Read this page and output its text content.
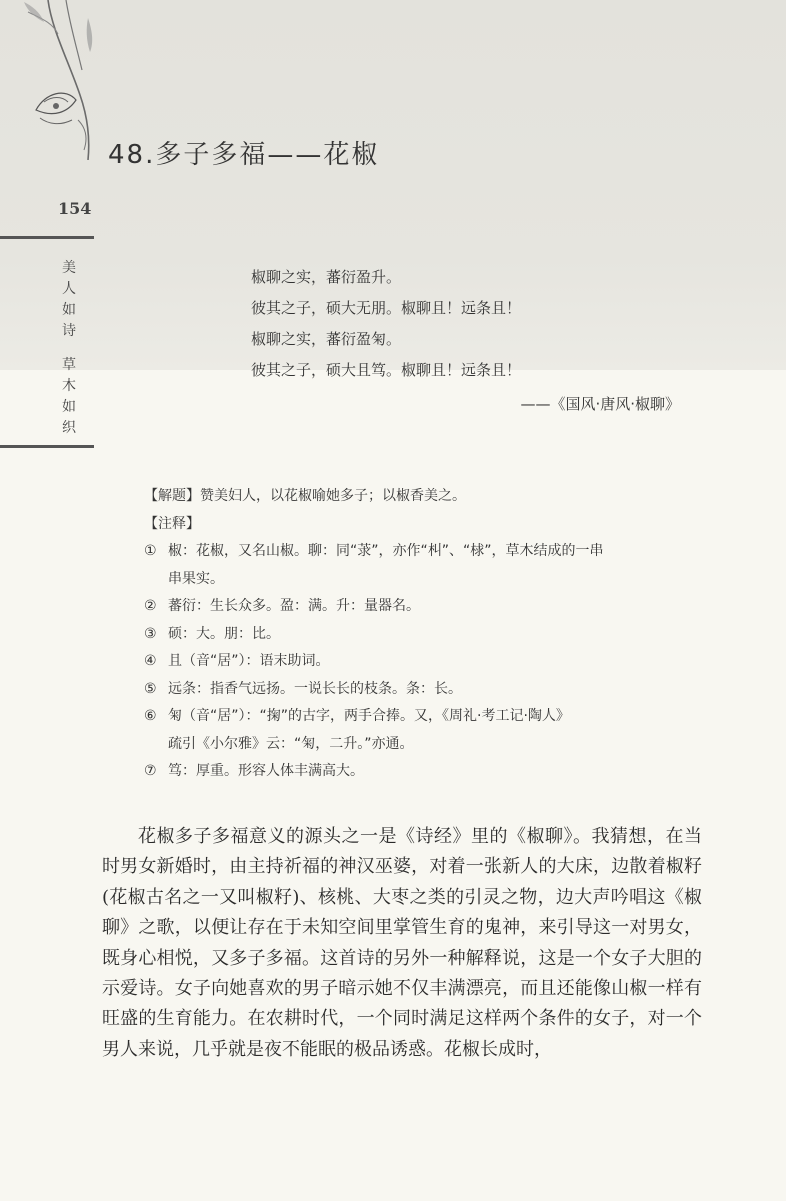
48.多子多福——花椒
154
美
人
如
诗
草
木
如
织
椒聊之实，蕃衍盈升。
彼其之子，硕大无朋。椒聊且！远条且！
椒聊之实，蕃衍盈匊。
彼其之子，硕大且笃。椒聊且！远条且！
——《国风·唐风·椒聊》
【解题】赞美妇人，以花椒喻她多子；以椒香美之。
【注释】
① 椒：花椒，又名山椒。聊：同“莍”，亦作“朻”、“梂”，草木结成的一串
串果实。
② 蕃衍：生长众多。盈：满。升：量器名。
③ 硕：大。朋：比。
④ 且（音“居”）：语末助词。
⑤ 远条：指香气远扬。一说长长的枝条。条：长。
⑥ 匊（音“居”）：“掬”的古字，两手合捧。又，《周礼·考工记·陶人》
疏引《小尔雅》云：“匊，二升。”亦通。
⑦ 笃：厚重。形容人体丰满高大。
花椒多子多福意义的源头之一是《诗经》里的《椒聊》。我猜想，在当时男女新婚时，由主持祈福的神汉巫婆，对着一张新人的大床，边散着椒籽(花椒古名之一又叫椒籽)、核桃、大枣之类的引灵之物，边大声吟唱这《椒聊》之歌，以便让存在于未知空间里掌管生育的鬼神，来引导这一对男女，既身心相悦，又多子多福。这首诗的另外一种解释说，这是一个女子大胆的示爱诗。女子向她喜欢的男子暗示她不仅丰满漂亮，而且还能像山椒一样有旺盛的生育能力。在农耕时代，一个同时满足这样两个条件的女子，对一个男人来说，几乎就是夜不能眠的极品诱惑。花椒长成时，
